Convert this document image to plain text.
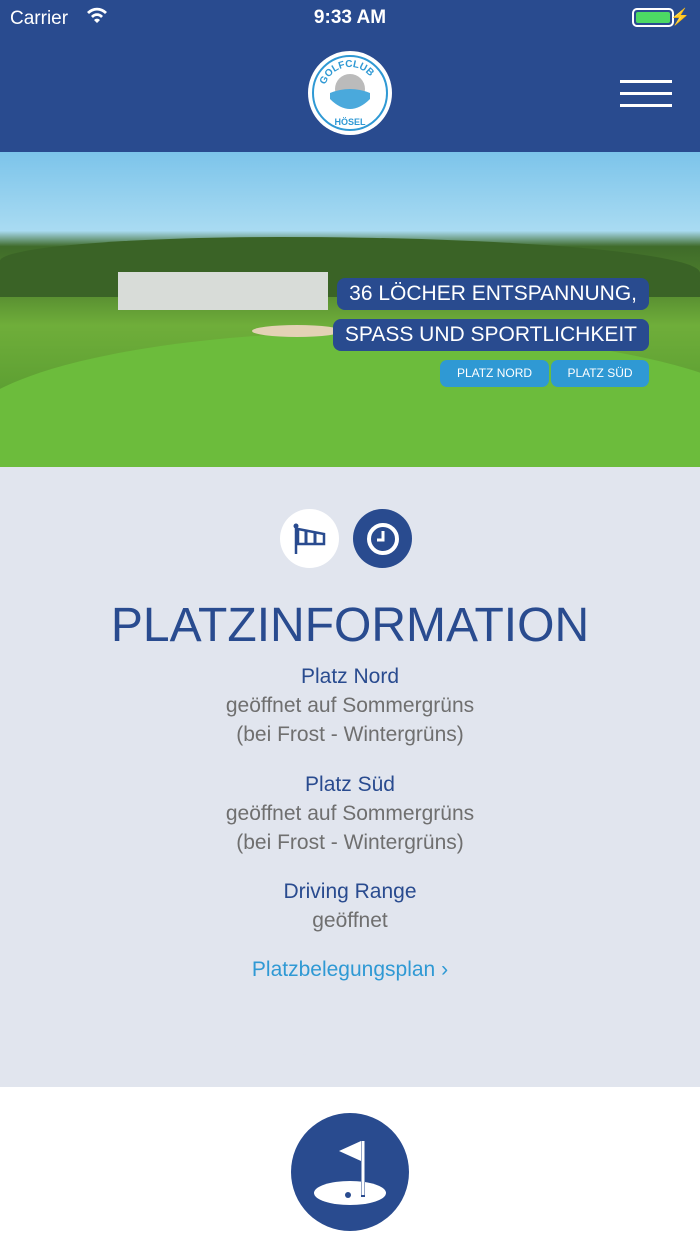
Carrier	9:33 AM	⚡
GOLFCLUB
HÖSEL
36 LÖCHER ENTSPANNUNG,
SPASS UND SPORTLICHKEIT
PLATZ NORD	PLATZ SÜD
PLATZINFORMATION
Platz Nord
geöffnet auf Sommergrüns
(bei Frost - Wintergrüns)
Platz Süd
geöffnet auf Sommergrüns
(bei Frost - Wintergrüns)
Driving Range
geöffnet
Platzbelegungsplan ›
